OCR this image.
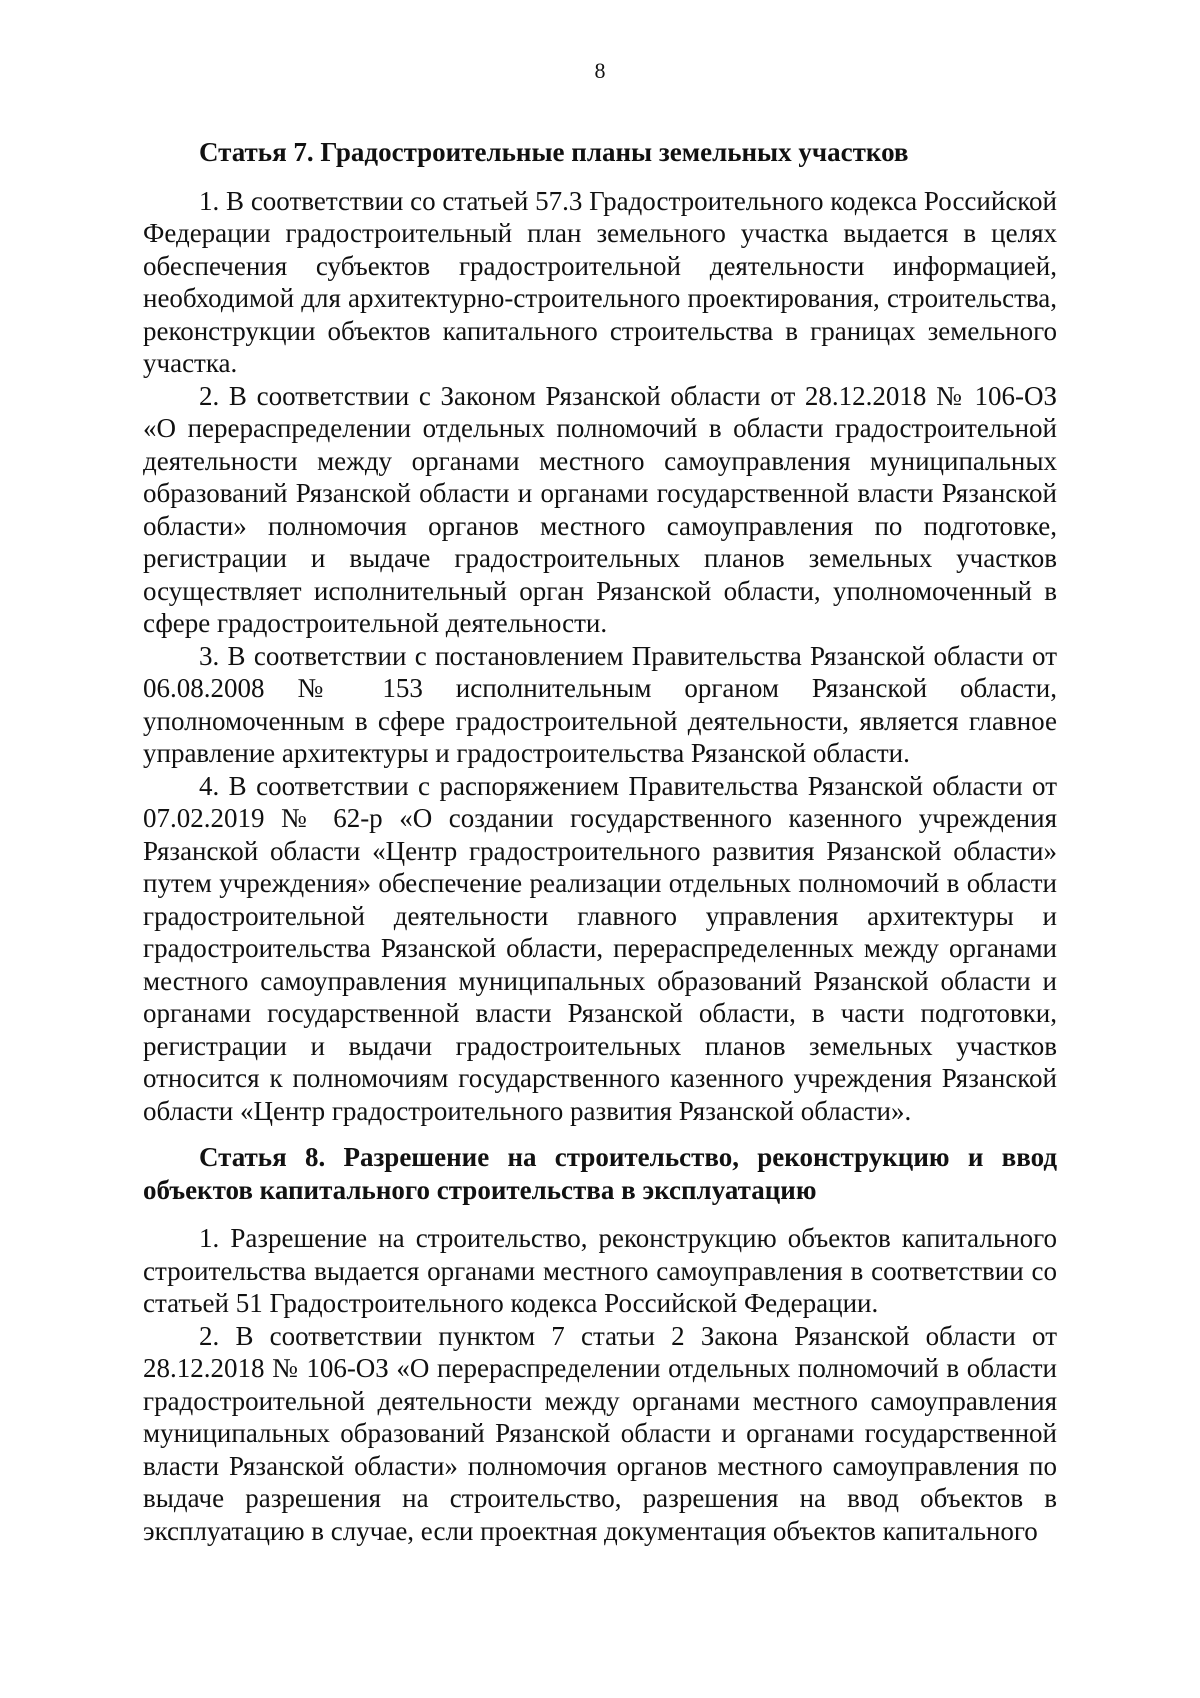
8

Статья 7. Градостроительные планы земельных участков

1. В соответствии со статьей 57.3 Градостроительного кодекса Российской Федерации градостроительный план земельного участка выдается в целях обеспечения субъектов градостроительной деятельности информацией, необходимой для архитектурно-строительного проектирования, строительства, реконструкции объектов капитального строительства в границах земельного участка.

2. В соответствии с Законом Рязанской области от 28.12.2018 № 106-ОЗ «О перераспределении отдельных полномочий в области градостроительной деятельности между органами местного самоуправления муниципальных образований Рязанской области и органами государственной власти Рязанской области» полномочия органов местного самоуправления по подготовке, регистрации и выдаче градостроительных планов земельных участков осуществляет исполнительный орган Рязанской области, уполномоченный в сфере градостроительной деятельности.

3. В соответствии с постановлением Правительства Рязанской области от 06.08.2008 № 153 исполнительным органом Рязанской области, уполномоченным в сфере градостроительной деятельности, является главное управление архитектуры и градостроительства Рязанской области.

4. В соответствии с распоряжением Правительства Рязанской области от 07.02.2019 № 62-р «О создании государственного казенного учреждения Рязанской области «Центр градостроительного развития Рязанской области» путем учреждения» обеспечение реализации отдельных полномочий в области градостроительной деятельности главного управления архитектуры и градостроительства Рязанской области, перераспределенных между органами местного самоуправления муниципальных образований Рязанской области и органами государственной власти Рязанской области, в части подготовки, регистрации и выдачи градостроительных планов земельных участков относится к полномочиям государственного казенного учреждения Рязанской области «Центр градостроительного развития Рязанской области».

Статья 8. Разрешение на строительство, реконструкцию и ввод объектов капитального строительства в эксплуатацию

1. Разрешение на строительство, реконструкцию объектов капитального строительства выдается органами местного самоуправления в соответствии со статьей 51 Градостроительного кодекса Российской Федерации.

2. В соответствии пунктом 7 статьи 2 Закона Рязанской области от 28.12.2018 № 106-ОЗ «О перераспределении отдельных полномочий в области градостроительной деятельности между органами местного самоуправления муниципальных образований Рязанской области и органами государственной власти Рязанской области» полномочия органов местного самоуправления по выдаче разрешения на строительство, разрешения на ввод объектов в эксплуатацию в случае, если проектная документация объектов капитального
